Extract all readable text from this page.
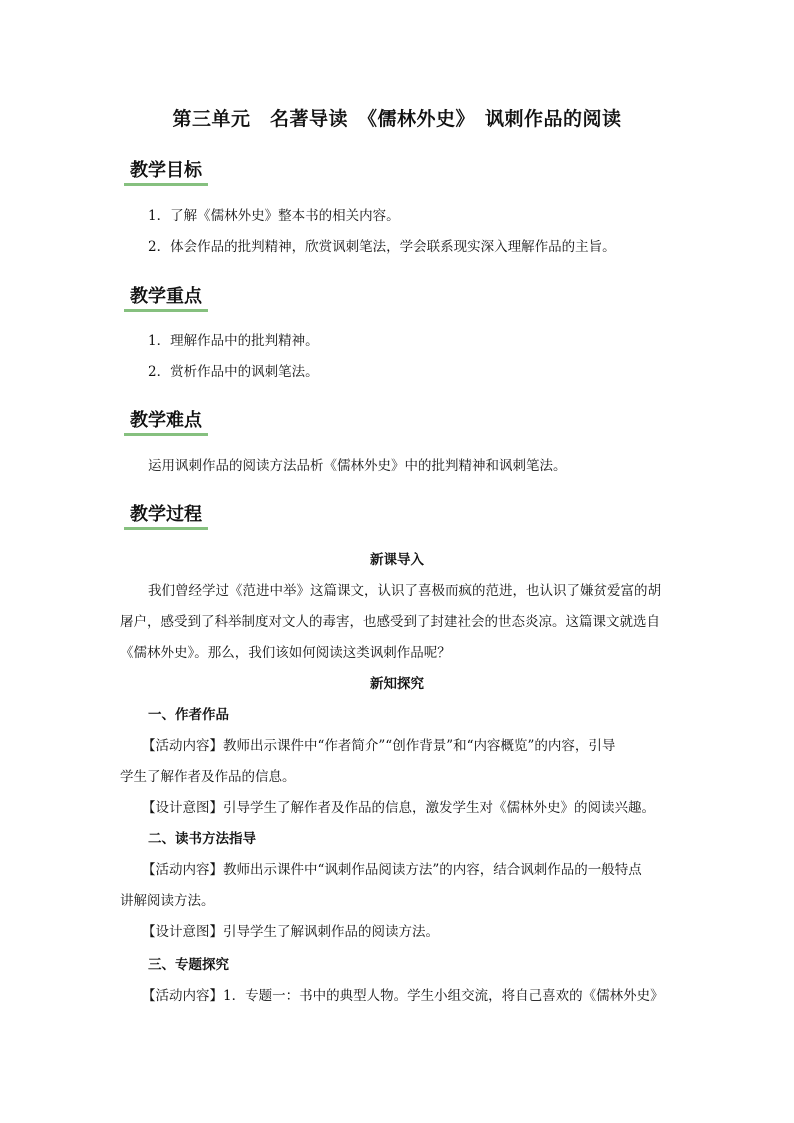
第三单元　名著导读　《儒林外史》　讽刺作品的阅读
教学目标
1．了解《儒林外史》整本书的相关内容。
2．体会作品的批判精神，欣赏讽刺笔法，学会联系现实深入理解作品的主旨。
教学重点
1．理解作品中的批判精神。
2．赏析作品中的讽刺笔法。
教学难点
运用讽刺作品的阅读方法品析《儒林外史》中的批判精神和讽刺笔法。
教学过程
新课导入
我们曾经学过《范进中举》这篇课文，认识了喜极而疯的范进，也认识了嫌贫爱富的胡
屠户，感受到了科举制度对文人的毒害，也感受到了封建社会的世态炎凉。这篇课文就选自
《儒林外史》。那么，我们该如何阅读这类讽刺作品呢？
新知探究
一、作者作品
【活动内容】教师出示课件中“作者简介”“创作背景”和“内容概览”的内容，引导
学生了解作者及作品的信息。
【设计意图】引导学生了解作者及作品的信息，激发学生对《儒林外史》的阅读兴趣。
二、读书方法指导
【活动内容】教师出示课件中“讽刺作品阅读方法”的内容，结合讽刺作品的一般特点
讲解阅读方法。
【设计意图】引导学生了解讽刺作品的阅读方法。
三、专题探究
【活动内容】1．专题一：书中的典型人物。学生小组交流，将自己喜欢的《儒林外史》
